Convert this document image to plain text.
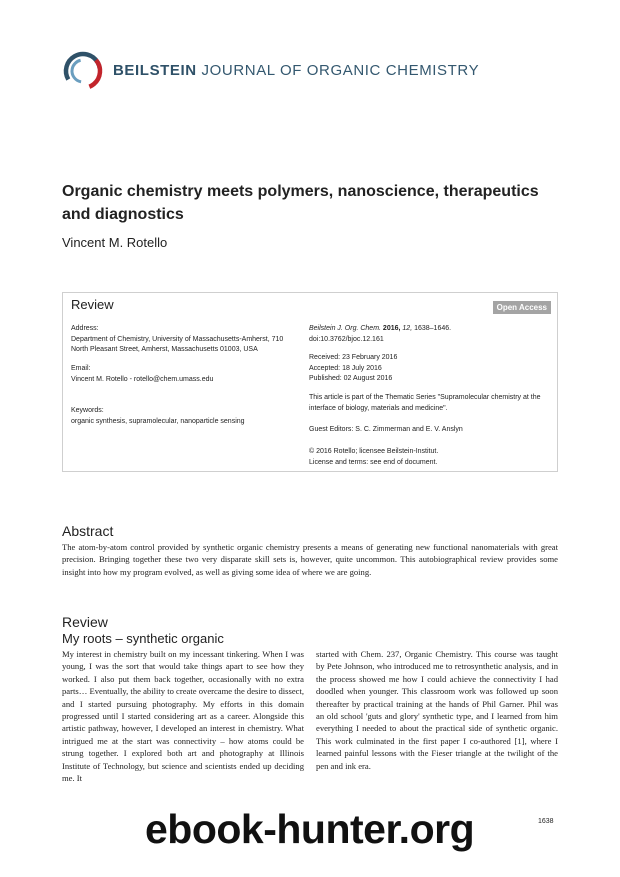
BEILSTEIN JOURNAL OF ORGANIC CHEMISTRY
Organic chemistry meets polymers, nanoscience, therapeutics and diagnostics
Vincent M. Rotello
Review	Open Access
Address:
Department of Chemistry, University of Massachusetts-Amherst, 710 North Pleasant Street, Amherst, Massachusetts 01003, USA
Email:
Vincent M. Rotello - rotello@chem.umass.edu
Keywords:
organic synthesis, supramolecular, nanoparticle sensing
Beilstein J. Org. Chem. 2016, 12, 1638–1646.
doi:10.3762/bjoc.12.161
Received: 23 February 2016
Accepted: 18 July 2016
Published: 02 August 2016
This article is part of the Thematic Series "Supramolecular chemistry at the interface of biology, materials and medicine".
Guest Editors: S. C. Zimmerman and E. V. Anslyn
© 2016 Rotello; licensee Beilstein-Institut.
License and terms: see end of document.
Abstract
The atom-by-atom control provided by synthetic organic chemistry presents a means of generating new functional nanomaterials with great precision. Bringing together these two very disparate skill sets is, however, quite uncommon. This autobiographical review provides some insight into how my program evolved, as well as giving some idea of where we are going.
Review
My roots – synthetic organic
My interest in chemistry built on my incessant tinkering. When I was young, I was the sort that would take things apart to see how they worked. I also put them back together, occasionally with no extra parts… Eventually, the ability to create overcame the desire to dissect, and I started pursuing photography. My efforts in this domain progressed until I started considering art as a career. Alongside this artistic pathway, however, I developed an interest in chemistry. What intrigued me at the start was connectivity – how atoms could be strung together. I explored both art and photography at Illinois Institute of Technology, but science and scientists ended up deciding me. It
started with Chem. 237, Organic Chemistry. This course was taught by Pete Johnson, who introduced me to retrosynthetic analysis, and in the process showed me how I could achieve the connectivity I had doodled when younger. This classroom work was followed up soon thereafter by practical training at the hands of Phil Garner. Phil was an old school 'guts and glory' synthetic type, and I learned from him everything I needed to about the practical side of synthetic organic. This work culminated in the first paper I co-authored [1], where I learned painful lessons with the Fieser triangle at the twilight of the pen and ink era.
1638
ebook-hunter.org
